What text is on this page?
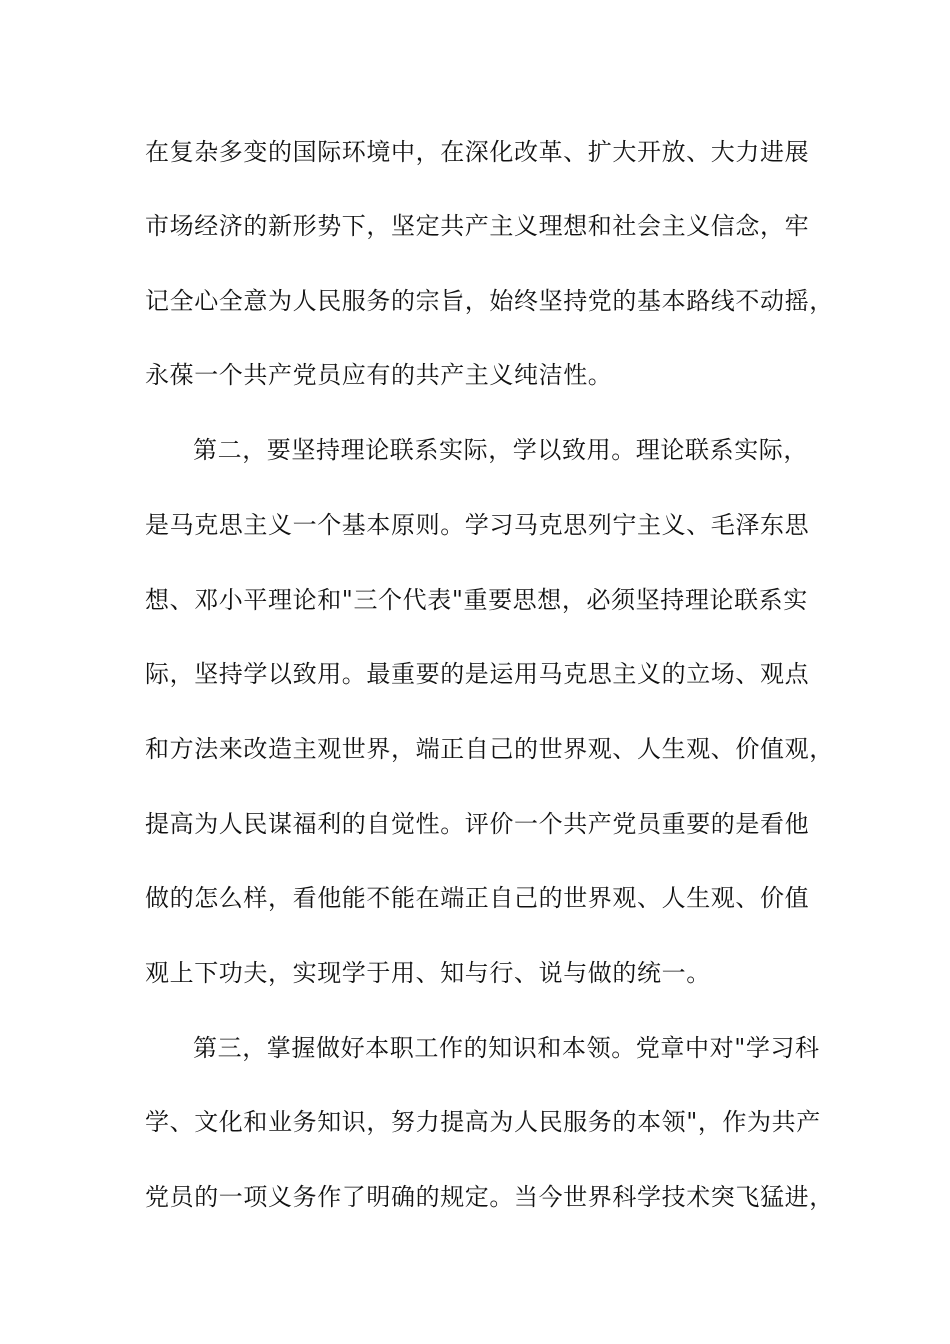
在复杂多变的国际环境中，在深化改革、扩大开放、大力进展
市场经济的新形势下，坚定共产主义理想和社会主义信念，牢
记全心全意为人民服务的宗旨，始终坚持党的基本路线不动摇，
永葆一个共产党员应有的共产主义纯洁性。
第二，要坚持理论联系实际，学以致用。理论联系实际，
是马克思主义一个基本原则。学习马克思列宁主义、毛泽东思
想、邓小平理论和"三个代表"重要思想，必须坚持理论联系实
际，坚持学以致用。最重要的是运用马克思主义的立场、观点
和方法来改造主观世界，端正自己的世界观、人生观、价值观，
提高为人民谋福利的自觉性。评价一个共产党员重要的是看他
做的怎么样，看他能不能在端正自己的世界观、人生观、价值
观上下功夫，实现学于用、知与行、说与做的统一。
第三，掌握做好本职工作的知识和本领。党章中对"学习科
学、文化和业务知识，努力提高为人民服务的本领"，作为共产
党员的一项义务作了明确的规定。当今世界科学技术突飞猛进，
